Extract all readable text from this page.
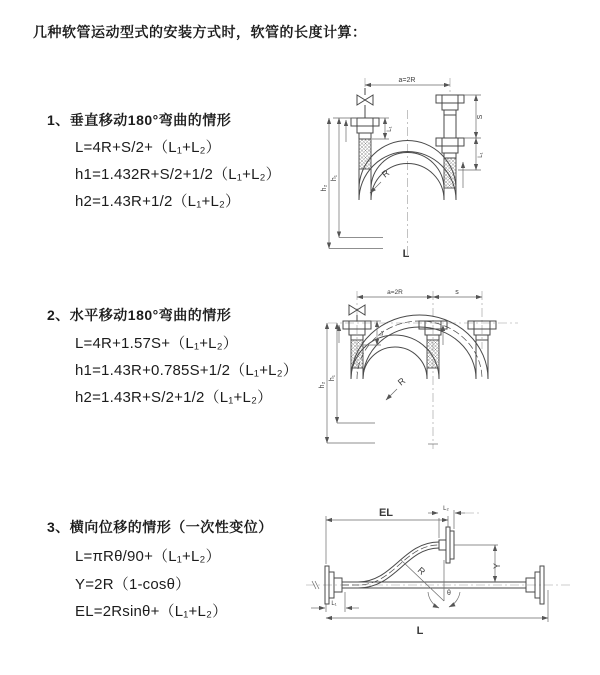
几种软管运动型式的安装方式时，软管的长度计算：
1、垂直移动180°弯曲的情形

L=4R+S/2+（L₁+L₂）

h1=1.432R+S/2+1/2（L₁+L₂）

h2=1.43R+1/2（L₁+L₂）

a=2R
h₂
h₁
S
L₁
L₁
R
L
2、水平移动180°弯曲的情形

L=4R+1.57S+（L₁+L₂）

h1=1.43R+0.785S+1/2（L₁+L₂）

h2=1.43R+S/2+1/2（L₁+L₂）

a=2R	s
h₂
h₁
L₁
R
3、横向位移的情形（一次性变位）

L=πRθ/90+（L₁+L₂）

Y=2R（1-cosθ）

EL=2Rsinθ+（L₁+L₂）

EL	L₂
Y
θ
R
L₁
L
